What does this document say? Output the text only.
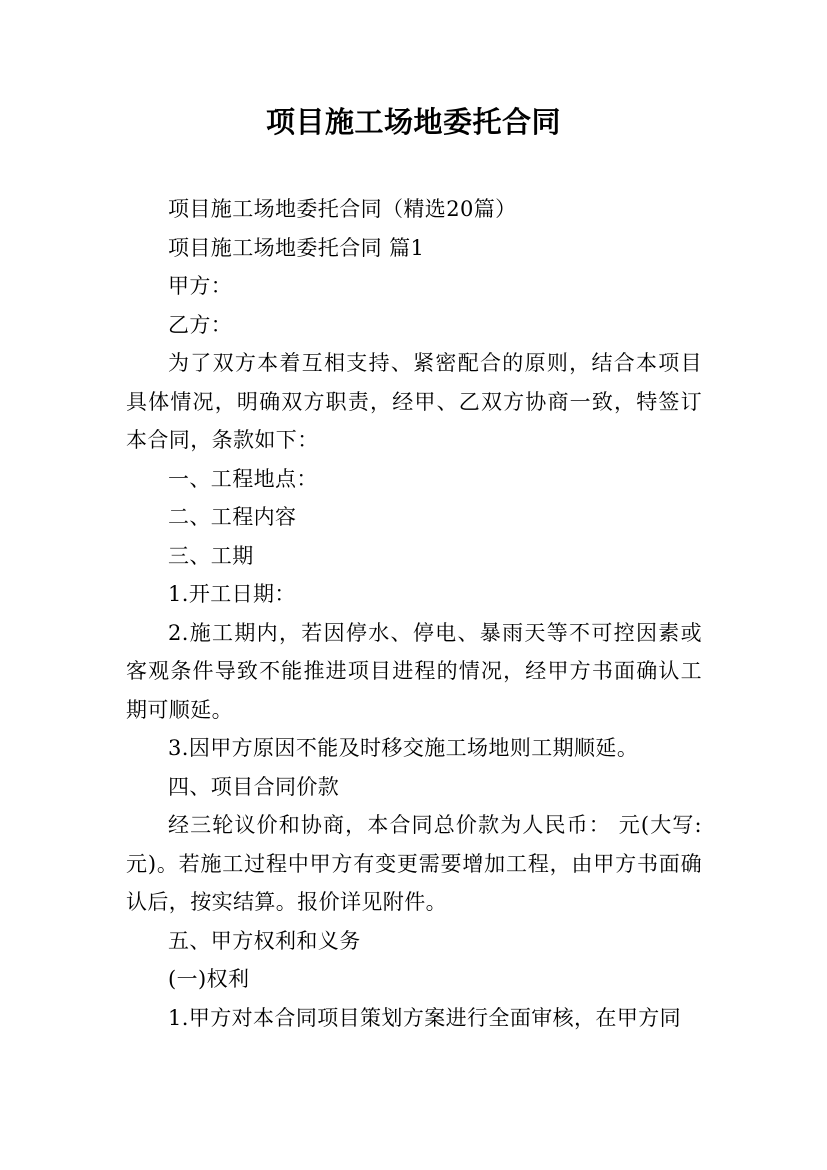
项目施工场地委托合同

项目施工场地委托合同（精选20篇）

项目施工场地委托合同 篇1

甲方：

乙方：

为了双方本着互相支持、紧密配合的原则，结合本项目具体情况，明确双方职责，经甲、乙双方协商一致，特签订本合同，条款如下：

一、工程地点：

二、工程内容

三、工期

1.开工日期：

2.施工期内，若因停水、停电、暴雨天等不可控因素或客观条件导致不能推进项目进程的情况，经甲方书面确认工期可顺延。

3.因甲方原因不能及时移交施工场地则工期顺延。

四、项目合同价款

经三轮议价和协商，本合同总价款为人民币： 元(大写: 元)。若施工过程中甲方有变更需要增加工程，由甲方书面确认后，按实结算。报价详见附件。

五、甲方权利和义务

(一)权利

1.甲方对本合同项目策划方案进行全面审核，在甲方同
